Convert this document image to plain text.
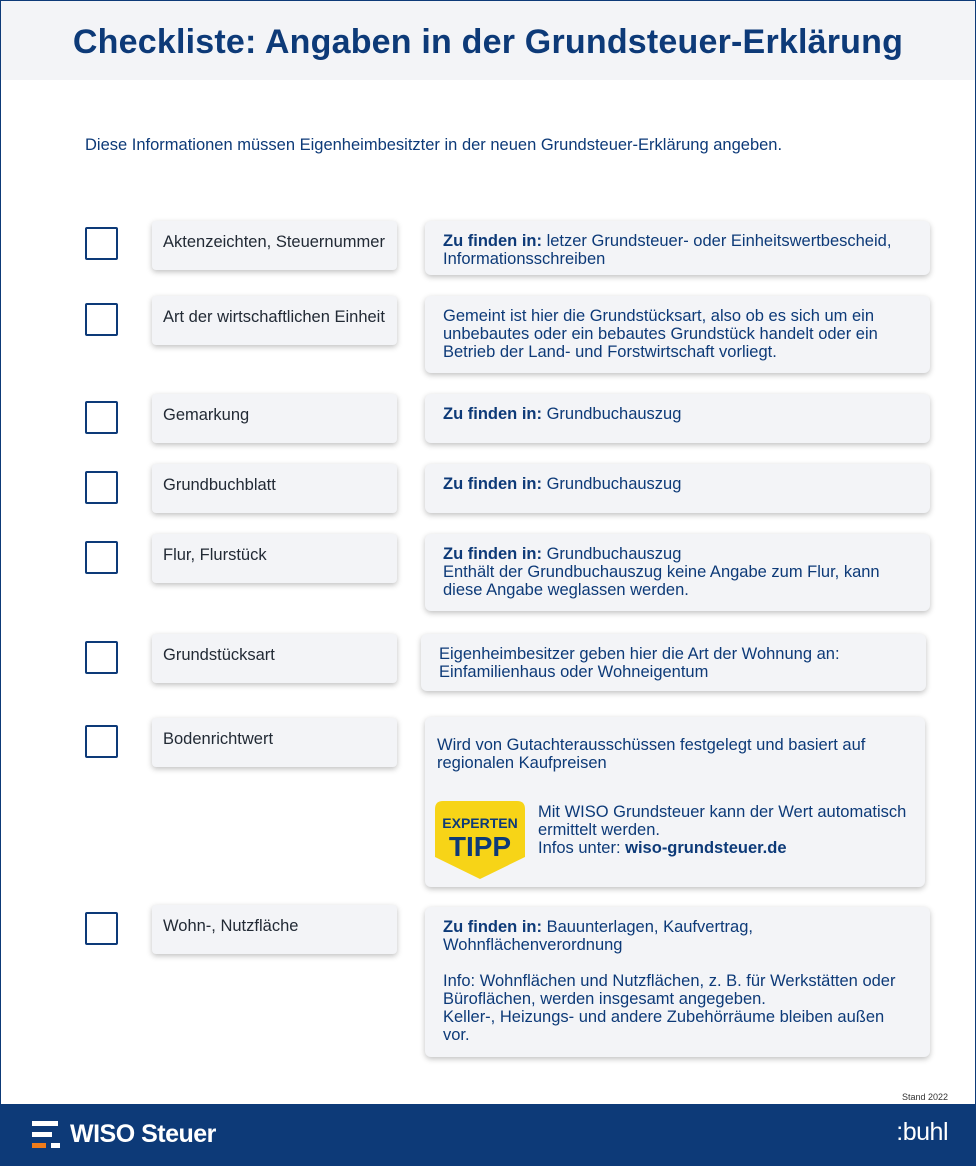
Checkliste: Angaben in der Grundsteuer-Erklärung

Diese Informationen müssen Eigenheimbesitzter in der neuen Grundsteuer-Erklärung angeben.

Aktenzeichten, Steuernummer	Zu finden in: letzer Grundsteuer- oder Einheitswertbescheid, Informationsschreiben

Art der wirtschaftlichen Einheit	Gemeint ist hier die Grundstücksart, also ob es sich um ein unbebautes oder ein bebautes Grundstück handelt oder ein Betrieb der Land- und Forstwirtschaft vorliegt.

Gemarkung	Zu finden in: Grundbuchauszug

Grundbuchblatt	Zu finden in: Grundbuchauszug

Flur, Flurstück	Zu finden in: Grundbuchauszug

Enthält der Grundbuchauszug keine Angabe zum Flur, kann diese Angabe weglassen werden.

Grundstücksart	Eigenheimbesitzer geben hier die Art der Wohnung an: Einfamilienhaus oder Wohneigentum

Bodenrichtwert	Wird von Gutachterausschüssen festgelegt und basiert auf regionalen Kaufpreisen

EXPERTEN
TIPP

Mit WISO Grundsteuer kann der Wert automatisch ermittelt werden.

Infos unter: wiso-grundsteuer.de

Wohn-, Nutzfläche	Zu finden in: Bauunterlagen, Kaufvertrag, Wohnflächenverordnung

Info: Wohnflächen und Nutzflächen, z. B. für Werkstätten oder Büroflächen, werden insgesamt angegeben.

Keller-, Heizungs- und andere Zubehörräume bleiben außen vor.

Stand 2022
WISO Steuer	:buhl
